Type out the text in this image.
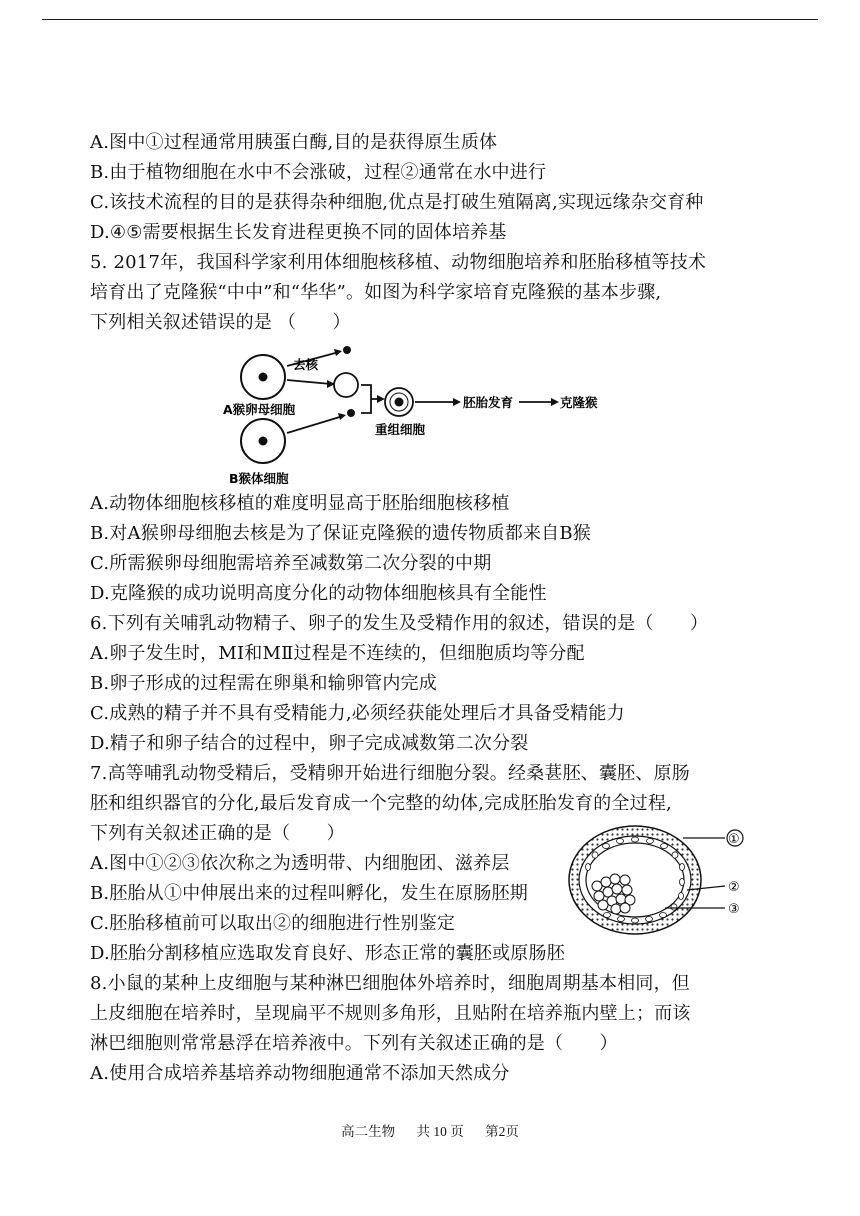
A.图中①过程通常用胰蛋白酶,目的是获得原生质体
B.由于植物细胞在水中不会涨破，过程②通常在水中进行
C.该技术流程的目的是获得杂种细胞,优点是打破生殖隔离,实现远缘杂交育种
D.④⑤需要根据生长发育进程更换不同的固体培养基
5. 2017年，我国科学家利用体细胞核移植、动物细胞培养和胚胎移植等技术
培育出了克隆猴“中中”和“华华”。如图为科学家培育克隆猴的基本步骤,
下列相关叙述错误的是 （　　）
A猴卵母细胞
B猴体细胞
去核
重组细胞
胚胎发育	克隆猴
A.动物体细胞核移植的难度明显高于胚胎细胞核移植
B.对A猴卵母细胞去核是为了保证克隆猴的遗传物质都来自B猴
C.所需猴卵母细胞需培养至减数第二次分裂的中期
D.克隆猴的成功说明高度分化的动物体细胞核具有全能性
6.下列有关哺乳动物精子、卵子的发生及受精作用的叙述，错误的是（　　）
A.卵子发生时，MⅠ和MⅡ过程是不连续的，但细胞质均等分配
B.卵子形成的过程需在卵巢和输卵管内完成
C.成熟的精子并不具有受精能力,必须经获能处理后才具备受精能力
D.精子和卵子结合的过程中，卵子完成减数第二次分裂
7.高等哺乳动物受精后，受精卵开始进行细胞分裂。经桑葚胚、囊胚、原肠
胚和组织器官的分化,最后发育成一个完整的幼体,完成胚胎发育的全过程,
下列有关叙述正确的是（　　）
A.图中①②③依次称之为透明带、内细胞团、滋养层
B.胚胎从①中伸展出来的过程叫孵化，发生在原肠胚期
C.胚胎移植前可以取出②的细胞进行性别鉴定
①
②
③
D.胚胎分割移植应选取发育良好、形态正常的囊胚或原肠胚
8.小鼠的某种上皮细胞与某种淋巴细胞体外培养时，细胞周期基本相同，但
上皮细胞在培养时，呈现扁平不规则多角形，且贴附在培养瓶内壁上；而该
淋巴细胞则常常悬浮在培养液中。下列有关叙述正确的是（　　）
A.使用合成培养基培养动物细胞通常不添加天然成分
高二生物 共 10 页 第2页
